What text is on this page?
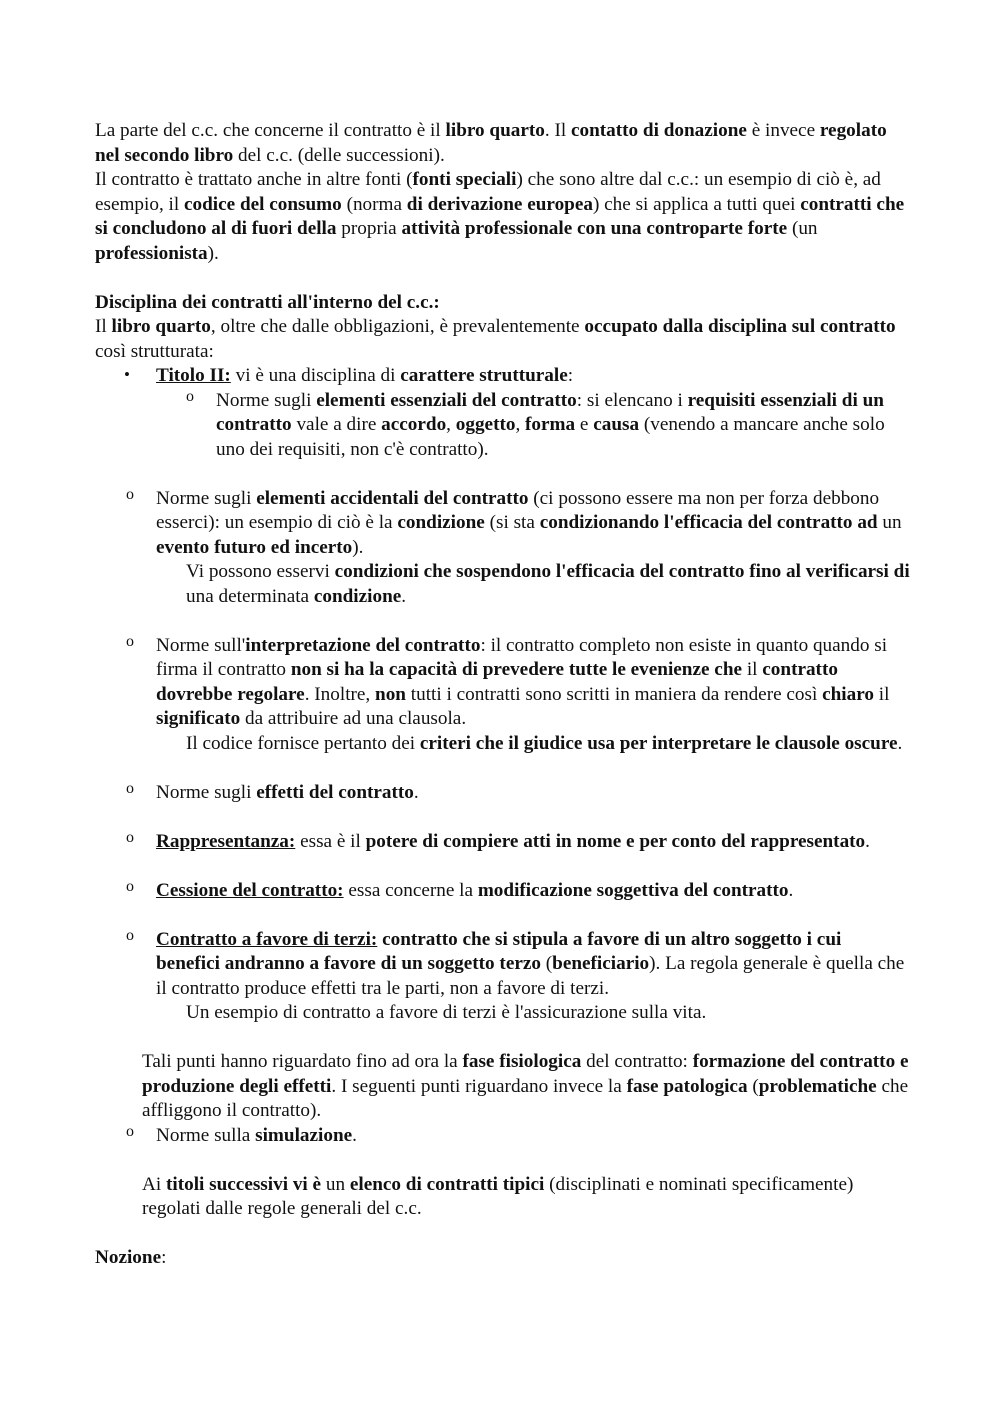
La parte del c.c. che concerne il contratto è il libro quarto. Il contatto di donazione è invece regolato nel secondo libro del c.c. (delle successioni).

Il contratto è trattato anche in altre fonti (fonti speciali) che sono altre dal c.c.: un esempio di ciò è, ad esempio, il codice del consumo (norma di derivazione europea) che si applica a tutti quei contratti che si concludono al di fuori della propria attività professionale con una controparte forte (un professionista).

Disciplina dei contratti all'interno del c.c.:

Il libro quarto, oltre che dalle obbligazioni, è prevalentemente occupato dalla disciplina sul contratto così strutturata:

• Titolo II: vi è una disciplina di carattere strutturale:
o Norme sugli elementi essenziali del contratto: si elencano i requisiti essenziali di un contratto vale a dire accordo, oggetto, forma e causa (venendo a mancare anche solo uno dei requisiti, non c'è contratto).
o Norme sugli elementi accidentali del contratto (ci possono essere ma non per forza debbono esserci): un esempio di ciò è la condizione (si sta condizionando l'efficacia del contratto ad un evento futuro ed incerto).

Vi possono esservi condizioni che sospendono l'efficacia del contratto fino al verificarsi di una determinata condizione.

o Norme sull'interpretazione del contratto: il contratto completo non esiste in quanto quando si firma il contratto non si ha la capacità di prevedere tutte le evenienze che il contratto dovrebbe regolare. Inoltre, non tutti i contratti sono scritti in maniera da rendere così chiaro il significato da attribuire ad una clausola.

Il codice fornisce pertanto dei criteri che il giudice usa per interpretare le clausole oscure.

o Norme sugli effetti del contratto.
o Rappresentanza: essa è il potere di compiere atti in nome e per conto del rappresentato.
o Cessione del contratto: essa concerne la modificazione soggettiva del contratto.
o Contratto a favore di terzi: contratto che si stipula a favore di un altro soggetto i cui benefici andranno a favore di un soggetto terzo (beneficiario). La regola generale è quella che il contratto produce effetti tra le parti, non a favore di terzi.

Un esempio di contratto a favore di terzi è l'assicurazione sulla vita.

Tali punti hanno riguardato fino ad ora la fase fisiologica del contratto: formazione del contratto e produzione degli effetti. I seguenti punti riguardano invece la fase patologica (problematiche che affliggono il contratto).

o Norme sulla simulazione.

Ai titoli successivi vi è un elenco di contratti tipici (disciplinati e nominati specificamente) regolati dalle regole generali del c.c.

Nozione:
